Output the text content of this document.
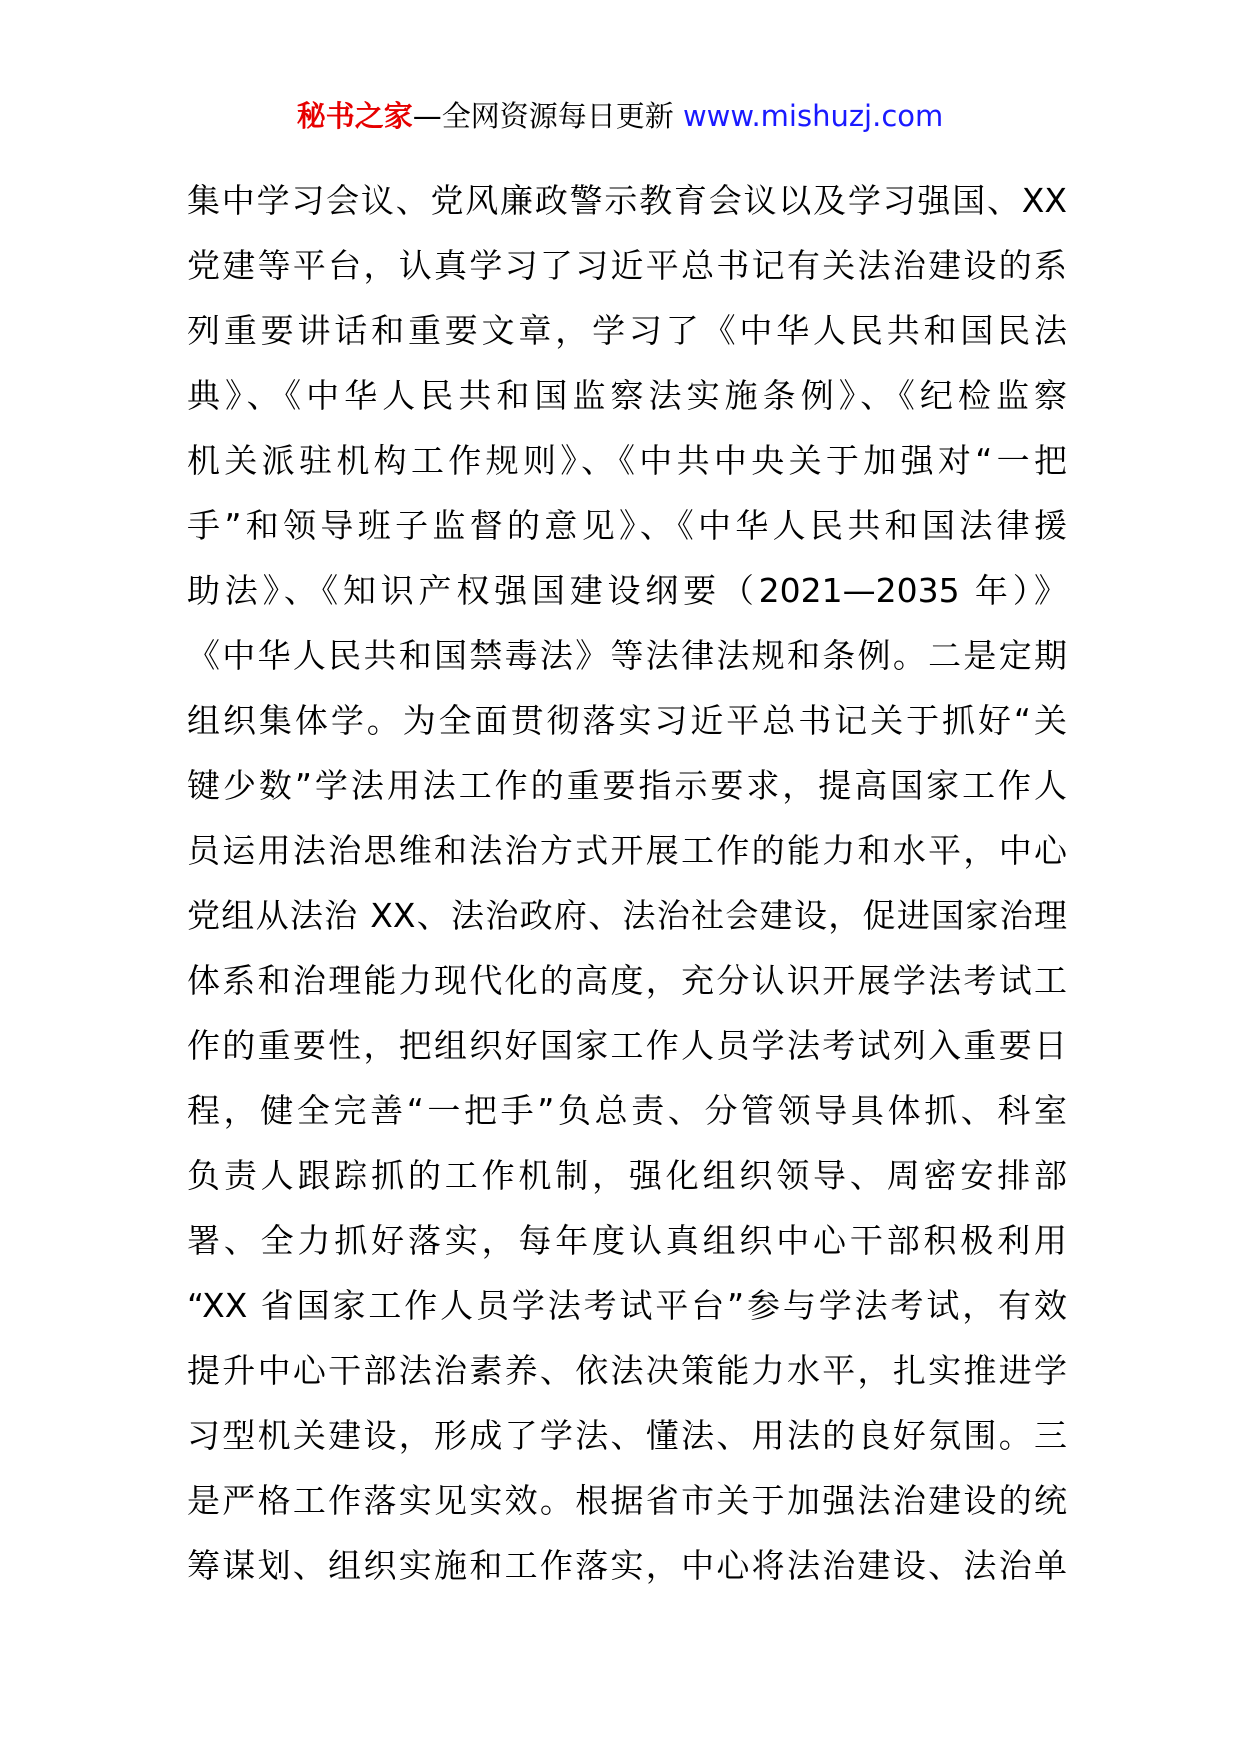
秘书之家—全网资源每日更新 www.mishuzj.com
集中学习会议、党风廉政警示教育会议以及学习强国、XX
党建等平台，认真学习了习近平总书记有关法治建设的系
列重要讲话和重要文章，学习了《中华人民共和国民法
典》、《中华人民共和国监察法实施条例》、《纪检监察
机关派驻机构工作规则》、《中共中央关于加强对“一把
手”和领导班子监督的意见》、《中华人民共和国法律援
助法》、《知识产权强国建设纲要（2021—2035 年）》
《中华人民共和国禁毒法》等法律法规和条例。二是定期
组织集体学。为全面贯彻落实习近平总书记关于抓好“关
键少数”学法用法工作的重要指示要求，提高国家工作人
员运用法治思维和法治方式开展工作的能力和水平，中心
党组从法治 XX、法治政府、法治社会建设，促进国家治理
体系和治理能力现代化的高度，充分认识开展学法考试工
作的重要性，把组织好国家工作人员学法考试列入重要日
程，健全完善“一把手”负总责、分管领导具体抓、科室
负责人跟踪抓的工作机制，强化组织领导、周密安排部
署、全力抓好落实，每年度认真组织中心干部积极利用
“XX 省国家工作人员学法考试平台”参与学法考试，有效
提升中心干部法治素养、依法决策能力水平，扎实推进学
习型机关建设，形成了学法、懂法、用法的良好氛围。三
是严格工作落实见实效。根据省市关于加强法治建设的统
筹谋划、组织实施和工作落实，中心将法治建设、法治单
